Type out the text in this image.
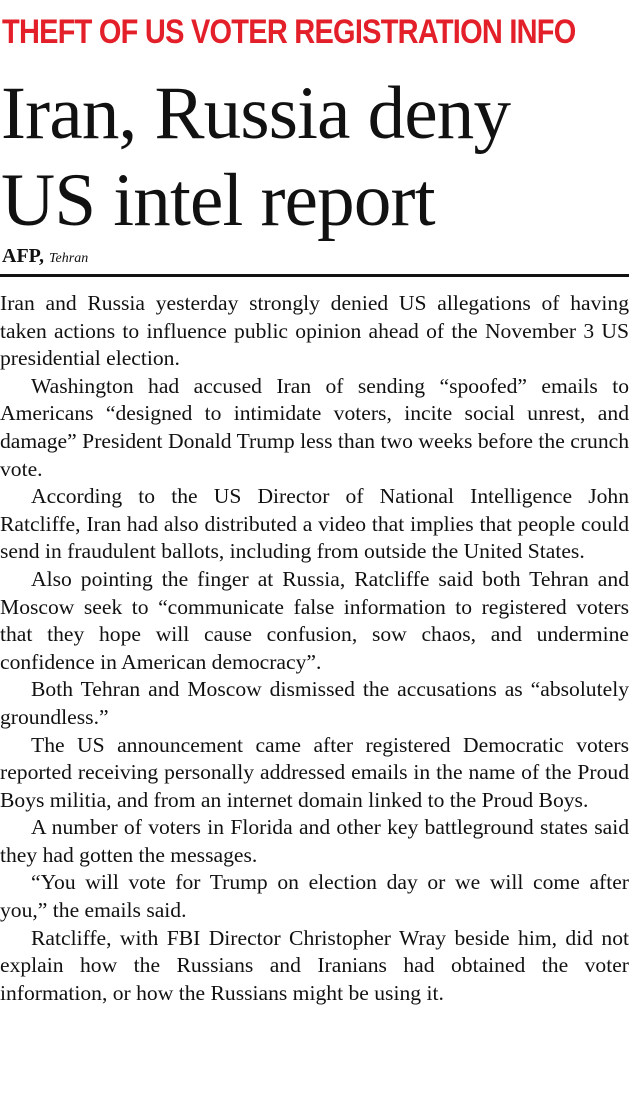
THEFT OF US VOTER REGISTRATION INFO
Iran, Russia deny
US intel report
AFP, Tehran

Iran and Russia yesterday strongly denied US allegations of having taken actions to influence public opinion ahead of the November 3 US presidential election.

Washington had accused Iran of sending “spoofed” emails to Americans “designed to intimidate voters, incite social unrest, and damage” President Donald Trump less than two weeks before the crunch vote.

According to the US Director of National Intelligence John Ratcliffe, Iran had also distributed a video that implies that people could send in fraudulent ballots, including from outside the United States.

Also pointing the finger at Russia, Ratcliffe said both Tehran and Moscow seek to “communicate false information to registered voters that they hope will cause confusion, sow chaos, and undermine confidence in American democracy”.

Both Tehran and Moscow dismissed the accusations as “absolutely groundless.”

The US announcement came after registered Democratic voters reported receiving personally addressed emails in the name of the Proud Boys militia, and from an internet domain linked to the Proud Boys.

A number of voters in Florida and other key battleground states said they had gotten the messages.

“You will vote for Trump on election day or we will come after you,” the emails said.

Ratcliffe, with FBI Director Christopher Wray beside him, did not explain how the Russians and Iranians had obtained the voter information, or how the Russians might be using it.
